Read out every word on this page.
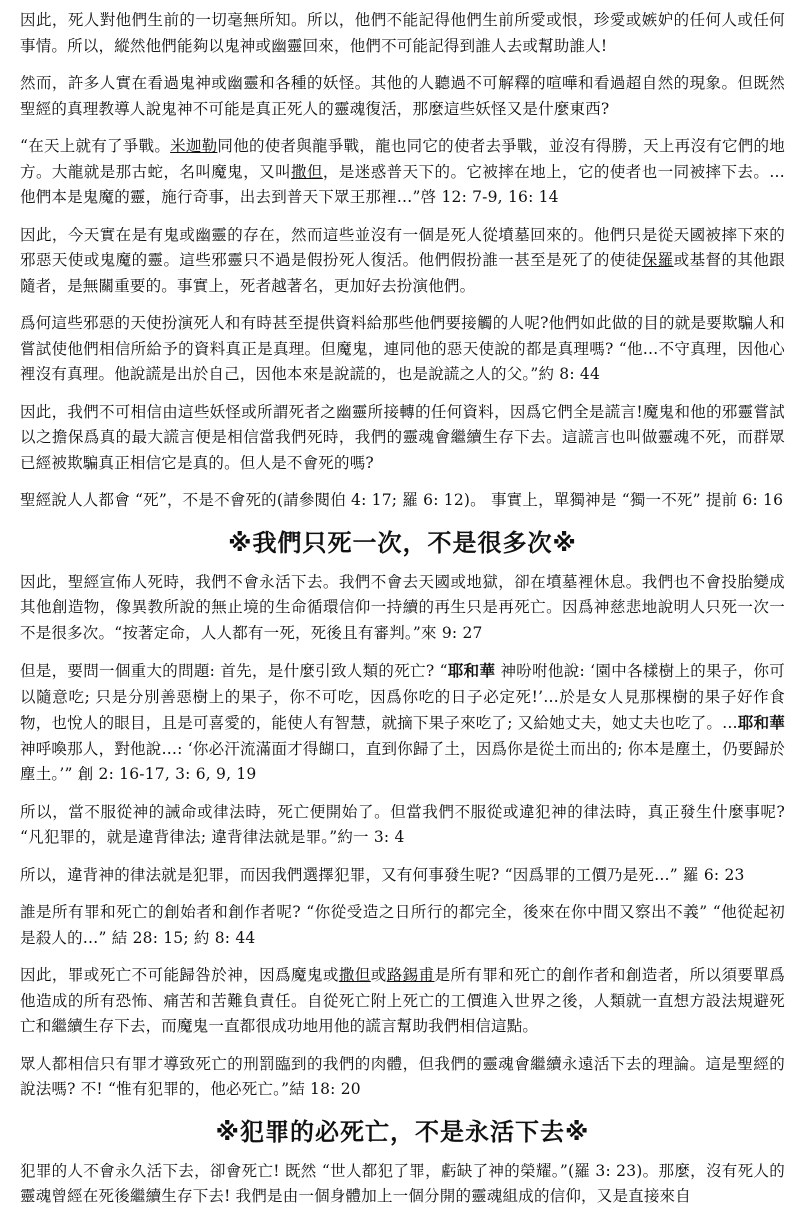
因此，死人對他們生前的一切毫無所知。所以，他們不能記得他們生前所愛或恨，珍愛或嫉妒的任何人或任何事情。所以，縱然他們能夠以鬼神或幽靈回來，他們不可能記得到誰人去或幫助誰人!

然而，許多人實在看過鬼神或幽靈和各種的妖怪。其他的人聽過不可解釋的喧嘩和看過超自然的現象。但既然聖經的真理教導人說鬼神不可能是真正死人的靈魂復活，那麼這些妖怪又是什麼東西?

“在天上就有了爭戰。米迦勒同他的使者與龍爭戰，龍也同它的使者去爭戰，並沒有得勝，天上再沒有它們的地方。大龍就是那古蛇，名叫魔鬼，又叫撒但，是迷惑普天下的。它被摔在地上，它的使者也一同被摔下去。…他們本是鬼魔的靈，施行奇事，出去到普天下眾王那裡…”啓 12: 7-9, 16: 14

因此，今天實在是有鬼或幽靈的存在，然而這些並沒有一個是死人從墳墓回來的。他們只是從天國被摔下來的邪惡天使或鬼魔的靈。這些邪靈只不過是假扮死人復活。他們假扮誰一甚至是死了的使徒保羅或基督的其他跟隨者，是無關重要的。事實上，死者越著名，更加好去扮演他們。

爲何這些邪惡的天使扮演死人和有時甚至提供資料給那些他們要接觸的人呢?他們如此做的目的就是要欺騙人和嘗試使他們相信所給予的資料真正是真理。但魔鬼，連同他的惡天使說的都是真理嗎? “他…不守真理，因他心裡沒有真理。他說謊是出於自己，因他本來是說謊的，也是說謊之人的父。”約 8: 44

因此，我們不可相信由這些妖怪或所謂死者之幽靈所接轉的任何資料，因爲它們全是謊言!魔鬼和他的邪靈嘗試以之擔保爲真的最大謊言便是相信當我們死時，我們的靈魂會繼續生存下去。這謊言也叫做靈魂不死，而群眾已經被欺騙真正相信它是真的。但人是不會死的嗎?

聖經說人人都會 “死”，不是不會死的(請參閱伯 4: 17; 羅 6: 12)。 事實上，單獨神是 “獨一不死” 提前 6: 16

※我們只死一次，不是很多次※

因此，聖經宣佈人死時，我們不會永活下去。我們不會去天國或地獄，卻在墳墓裡休息。我們也不會投胎變成其他創造物，像異教所說的無止境的生命循環信仰一持續的再生只是再死亡。因爲神慈悲地說明人只死一次一不是很多次。“按著定命，人人都有一死，死後且有審判。”來 9: 27

但是，要問一個重大的問題: 首先，是什麼引致人類的死亡? “耶和華 神吩咐他說: ‘園中各樣樹上的果子，你可以隨意吃; 只是分別善惡樹上的果子，你不可吃，因爲你吃的日子必定死!’…於是女人見那棵樹的果子好作食物，也悅人的眼目，且是可喜愛的，能使人有智慧，就摘下果子來吃了; 又給她丈夫，她丈夫也吃了。…耶和華 神呼喚那人，對他說…: ‘你必汗流滿面才得餬口，直到你歸了土，因爲你是從土而出的; 你本是塵土，仍要歸於塵土。’” 創 2: 16-17, 3: 6, 9, 19

所以，當不服從神的誡命或律法時，死亡便開始了。但當我們不服從或違犯神的律法時，真正發生什麼事呢? “凡犯罪的，就是違背律法; 違背律法就是罪。”約一 3: 4

所以，違背神的律法就是犯罪，而因我們選擇犯罪，又有何事發生呢? “因爲罪的工價乃是死…” 羅 6: 23

誰是所有罪和死亡的創始者和創作者呢? “你從受造之日所行的都完全，後來在你中間又察出不義” “他從起初是殺人的…” 結 28: 15; 約 8: 44

因此，罪或死亡不可能歸咎於神，因爲魔鬼或撒但或路錫甫是所有罪和死亡的創作者和創造者，所以須要單爲他造成的所有恐怖、痛苦和苦難負責任。自從死亡附上死亡的工價進入世界之後，人類就一直想方設法規避死亡和繼續生存下去，而魔鬼一直都很成功地用他的謊言幫助我們相信這點。

眾人都相信只有罪才導致死亡的刑罰臨到的我們的肉體，但我們的靈魂會繼續永遠活下去的理論。這是聖經的說法嗎? 不! “惟有犯罪的，他必死亡。”結 18: 20

※犯罪的必死亡，不是永活下去※

犯罪的人不會永久活下去，卻會死亡! 既然 “世人都犯了罪，虧缺了神的榮耀。”(羅 3: 23)。那麼，沒有死人的靈魂曾經在死後繼續生存下去! 我們是由一個身體加上一個分開的靈魂組成的信仰，又是直接來自
